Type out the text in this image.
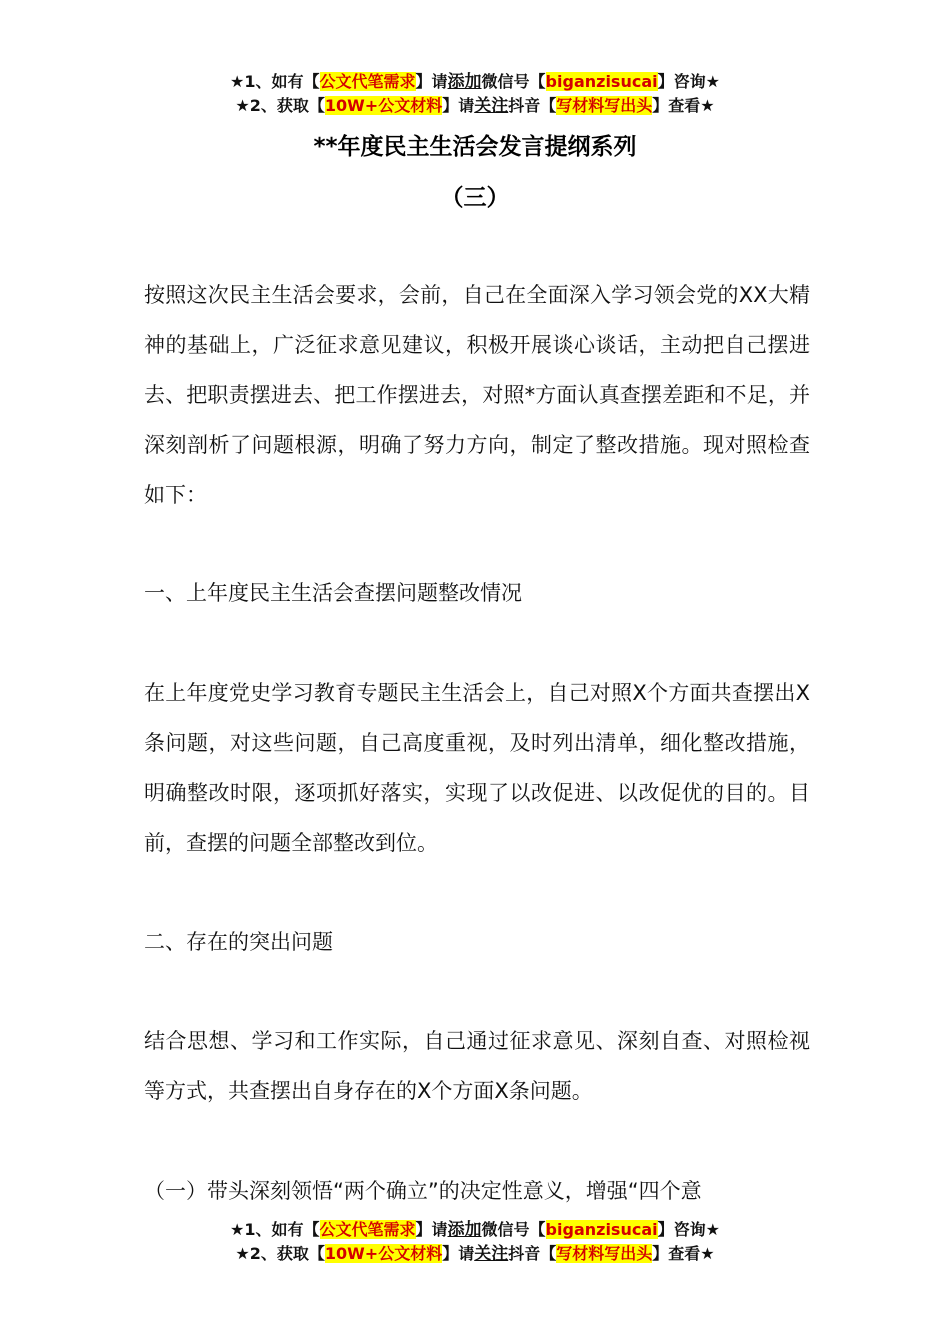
★1、如有【公文代笔需求】请添加微信号【biganzisucai】咨询★
★2、获取【10W+公文材料】请关注抖音【写材料写出头】查看★
**年度民主生活会发言提纲系列
（三）
按照这次民主生活会要求，会前，自己在全面深入学习领会党的XX大精神的基础上，广泛征求意见建议，积极开展谈心谈话，主动把自己摆进去、把职责摆进去、把工作摆进去，对照*方面认真查摆差距和不足，并深刻剖析了问题根源，明确了努力方向，制定了整改措施。现对照检查如下：
一、上年度民主生活会查摆问题整改情况
在上年度党史学习教育专题民主生活会上，自己对照X个方面共查摆出X条问题，对这些问题，自己高度重视，及时列出清单，细化整改措施，明确整改时限，逐项抓好落实，实现了以改促进、以改促优的目的。目前，查摆的问题全部整改到位。
二、存在的突出问题
结合思想、学习和工作实际，自己通过征求意见、深刻自查、对照检视等方式，共查摆出自身存在的X个方面X条问题。
（一）带头深刻领悟“两个确立”的决定性意义，增强“四个意
★1、如有【公文代笔需求】请添加微信号【biganzisucai】咨询★
★2、获取【10W+公文材料】请关注抖音【写材料写出头】查看★
